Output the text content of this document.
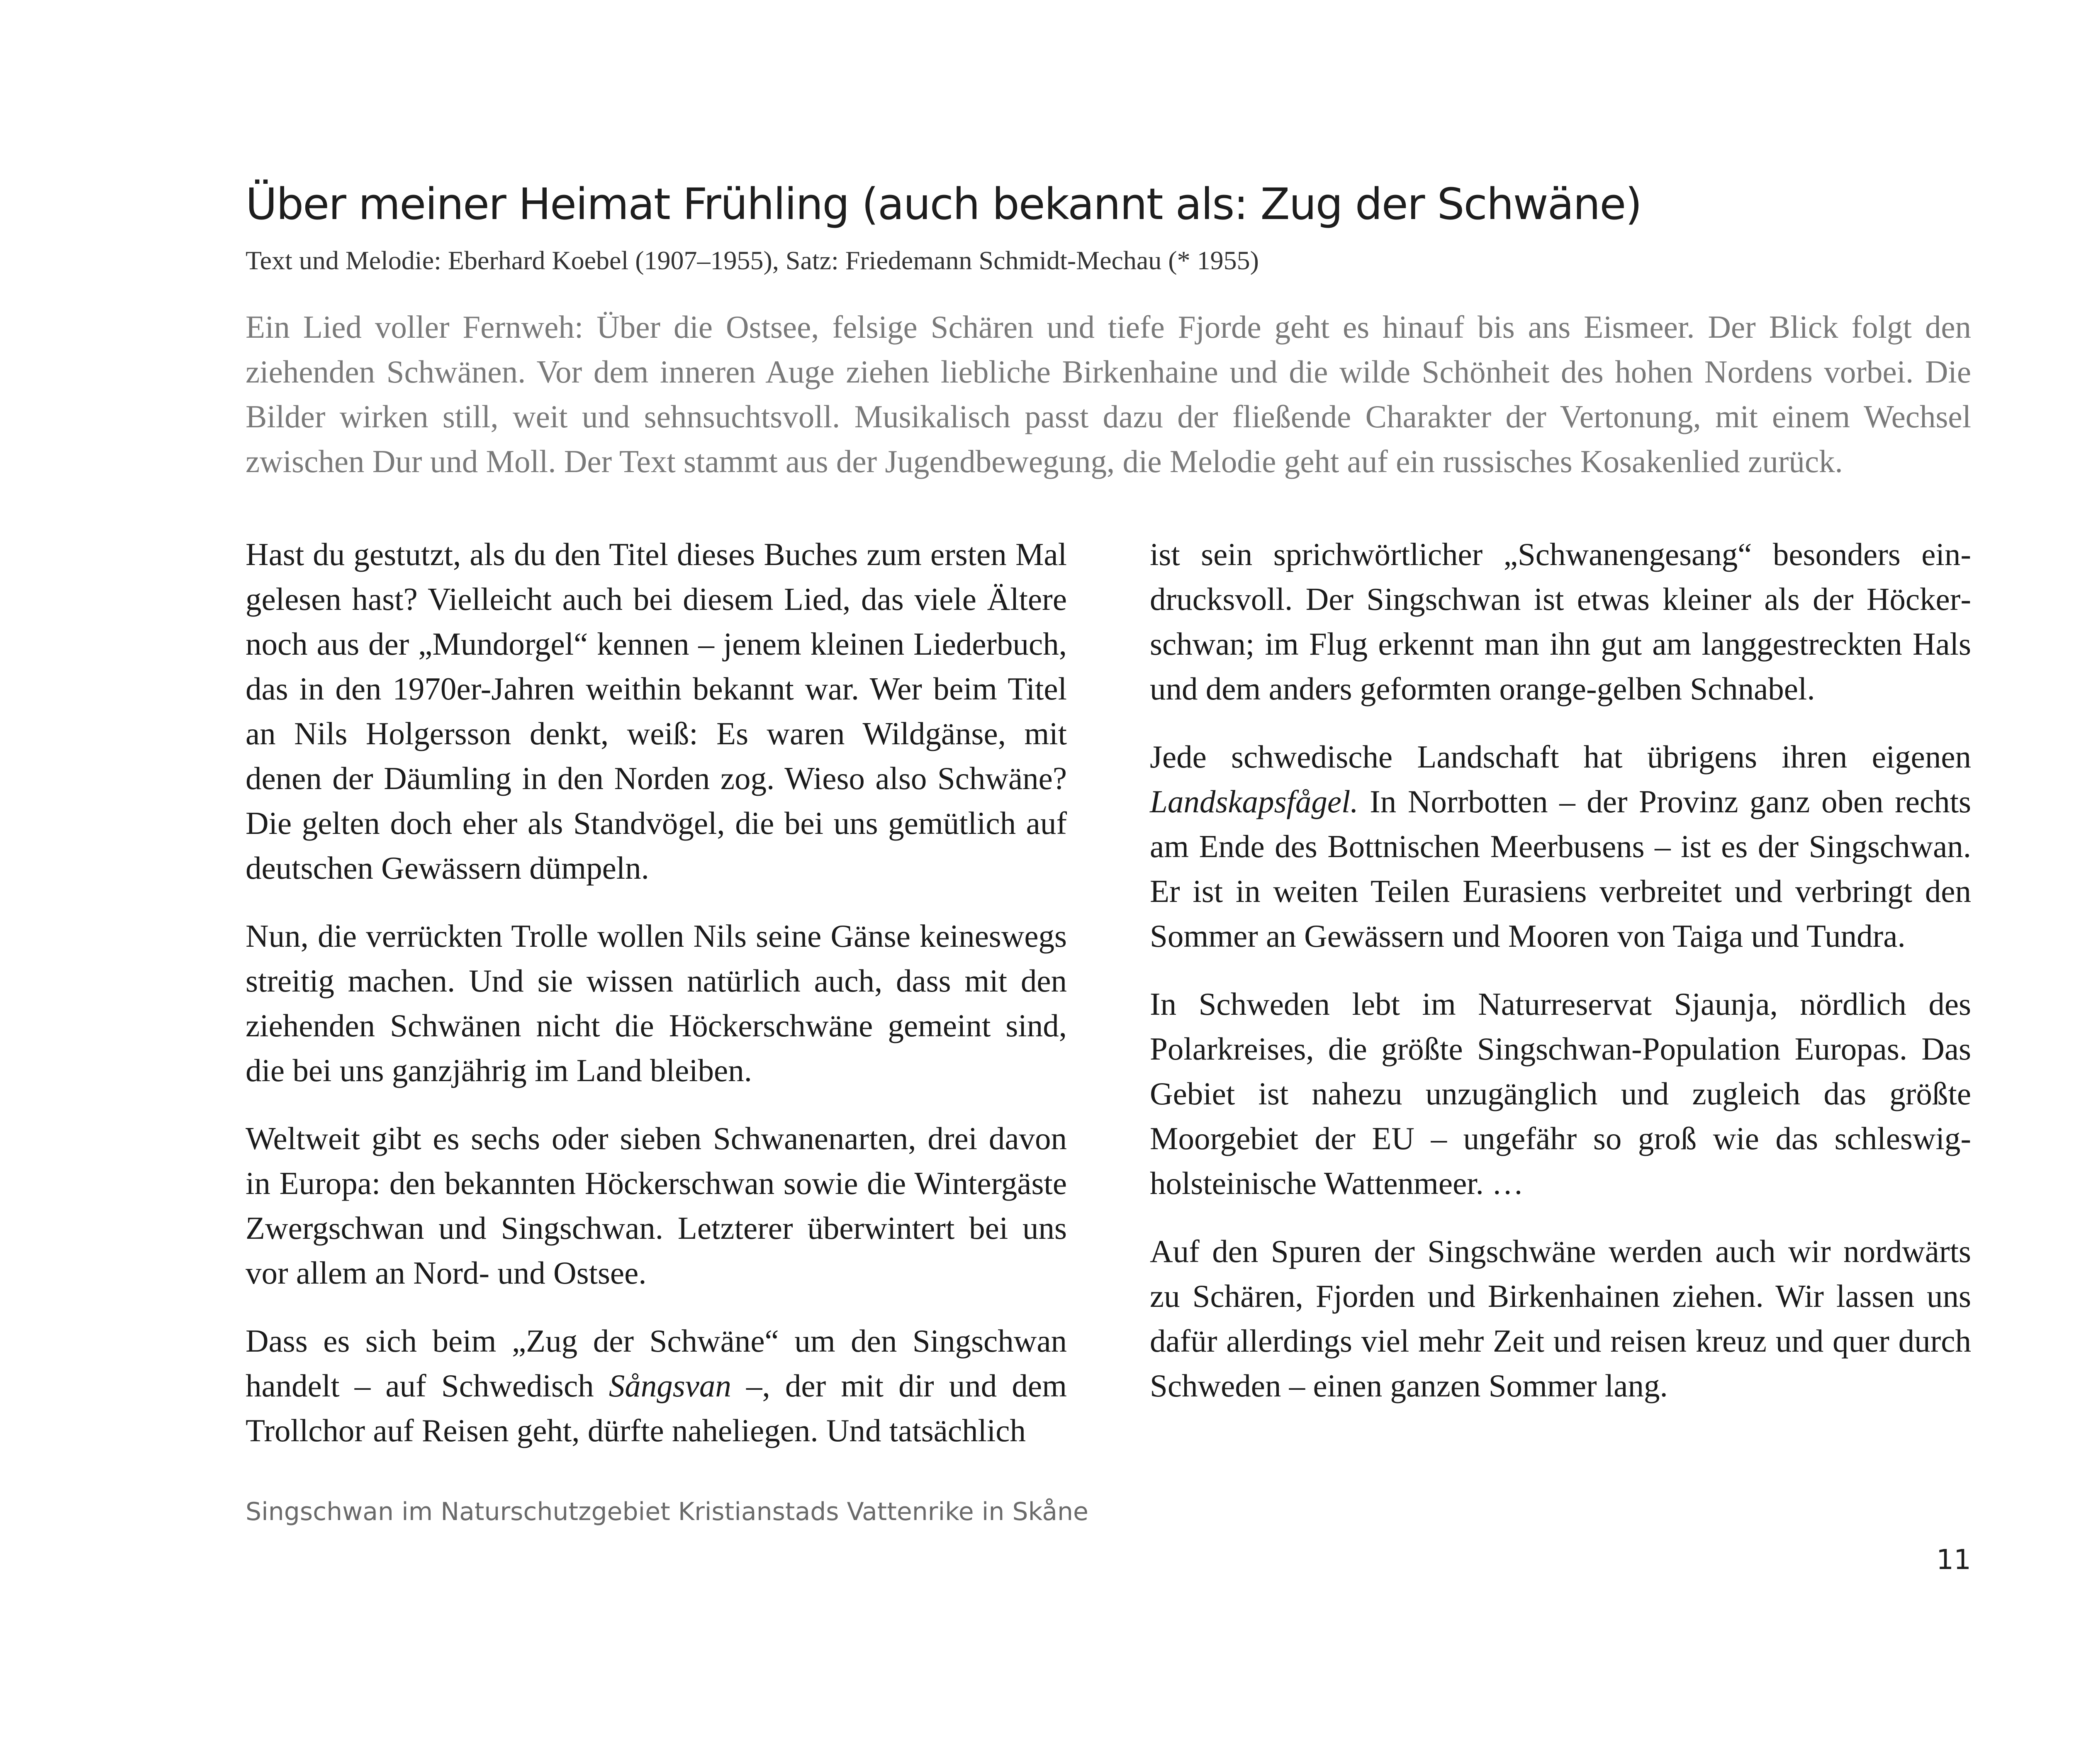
Über meiner Heimat Frühling (auch bekannt als: Zug der Schwäne)
Text und Melodie: Eberhard Koebel (1907–1955), Satz: Friedemann Schmidt-Mechau (* 1955)

Ein Lied voller Fernweh: Über die Ostsee, felsige Schären und tiefe Fjorde geht es hinauf bis ans Eismeer. Der Blick folgt den ziehenden Schwänen. Vor dem inneren Auge ziehen liebliche Birkenhaine und die wilde Schönheit des hohen Nordens vorbei. Die Bilder wirken still, weit und sehnsuchtsvoll. Musikalisch passt dazu der fließende Charakter der Vertonung, mit einem Wechsel zwischen Dur und Moll. Der Text stammt aus der Jugendbewegung, die Melodie geht auf ein russisches Kosakenlied zurück.

Hast du gestutzt, als du den Titel dieses Buches zum ersten Mal gelesen hast? Vielleicht auch bei diesem Lied, das viele Ältere noch aus der „Mundorgel“ kennen – jenem kleinen Liederbuch, das in den 1970er-Jahren weithin bekannt war. Wer beim Titel an Nils Holgersson denkt, weiß: Es waren Wildgänse, mit denen der Däumling in den Norden zog. Wieso also Schwäne? Die gelten doch eher als Standvögel, die bei uns gemütlich auf deutschen Gewässern dümpeln.

Nun, die verrückten Trolle wollen Nils seine Gänse keineswegs streitig machen. Und sie wissen natürlich auch, dass mit den ziehenden Schwänen nicht die Höckerschwäne gemeint sind, die bei uns ganzjährig im Land bleiben.

Weltweit gibt es sechs oder sieben Schwanenarten, drei davon in Europa: den bekannten Höckerschwan sowie die Wintergäste Zwergschwan und Singschwan. Letzterer überwintert bei uns vor allem an Nord- und Ostsee.

Dass es sich beim „Zug der Schwäne“ um den Singschwan handelt – auf Schwedisch Sångsvan –, der mit dir und dem Trollchor auf Reisen geht, dürfte naheliegen. Und tatsächlich

ist sein sprichwörtlicher „Schwanengesang“ besonders eindrucksvoll. Der Singschwan ist etwas kleiner als der Höckerschwan; im Flug erkennt man ihn gut am langgestreckten Hals und dem anders geformten orange-gelben Schnabel.

Jede schwedische Landschaft hat übrigens ihren eigenen Landskapsfågel. In Norrbotten – der Provinz ganz oben rechts am Ende des Bottnischen Meerbusens – ist es der Singschwan. Er ist in weiten Teilen Eurasiens verbreitet und verbringt den Sommer an Gewässern und Mooren von Taiga und Tundra.

In Schweden lebt im Naturreservat Sjaunja, nördlich des Polarkreises, die größte Singschwan-Population Europas. Das Gebiet ist nahezu unzugänglich und zugleich das größte Moorgebiet der EU – ungefähr so groß wie das schleswigholsteinische Wattenmeer. …

Auf den Spuren der Singschwäne werden auch wir nordwärts zu Schären, Fjorden und Birkenhainen ziehen. Wir lassen uns dafür allerdings viel mehr Zeit und reisen kreuz und quer durch Schweden – einen ganzen Sommer lang.

Singschwan im Naturschutzgebiet Kristianstads Vattenrike in Skåne
11
